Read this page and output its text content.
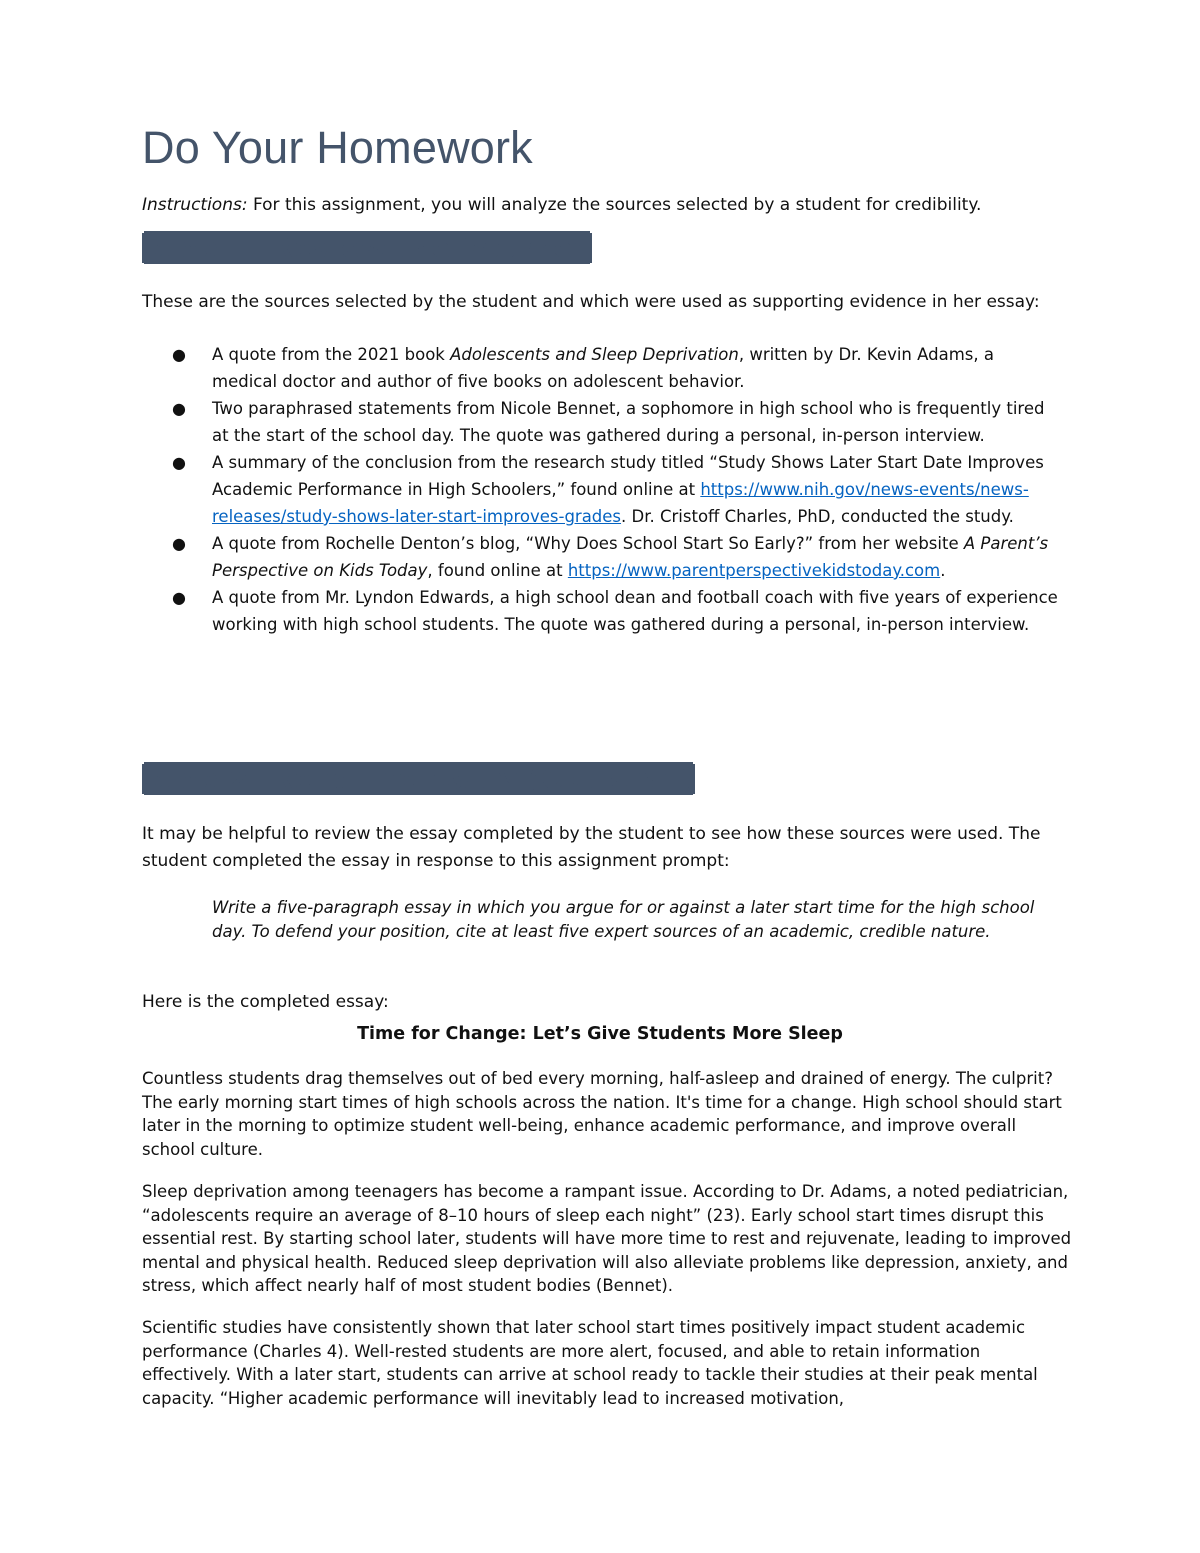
Do Your Homework

Instructions: For this assignment, you will analyze the sources selected by a student for credibility.

Step 1: Review the Sources

These are the sources selected by the student and which were used as supporting evidence in her essay:

● A quote from the 2021 book Adolescents and Sleep Deprivation, written by Dr. Kevin Adams, a medical doctor and author of five books on adolescent behavior.
● Two paraphrased statements from Nicole Bennet, a sophomore in high school who is frequently tired at the start of the school day. The quote was gathered during a personal, in-person interview.
● A summary of the conclusion from the research study titled “Study Shows Later Start Date Improves Academic Performance in High Schoolers,” found online at https://www.nih.gov/news-events/news-releases/study-shows-later-start-improves-grades. Dr. Cristoff Charles, PhD, conducted the study.
● A quote from Rochelle Denton’s blog, “Why Does School Start So Early?” from her website A Parent’s Perspective on Kids Today, found online at https://www.parentperspectivekidstoday.com.
● A quote from Mr. Lyndon Edwards, a high school dean and football coach with five years of experience working with high school students. The quote was gathered during a personal, in-person interview.
Step 2: Read the Essay (Optional)

It may be helpful to review the essay completed by the student to see how these sources were used. The student completed the essay in response to this assignment prompt:

Write a five-paragraph essay in which you argue for or against a later start time for the high school day. To defend your position, cite at least five expert sources of an academic, credible nature.

Here is the completed essay:

Time for Change: Let’s Give Students More Sleep

Countless students drag themselves out of bed every morning, half-asleep and drained of energy. The culprit? The early morning start times of high schools across the nation. It's time for a change. High school should start later in the morning to optimize student well-being, enhance academic performance, and improve overall school culture.

Sleep deprivation among teenagers has become a rampant issue. According to Dr. Adams, a noted pediatrician, “adolescents require an average of 8–10 hours of sleep each night” (23). Early school start times disrupt this essential rest. By starting school later, students will have more time to rest and rejuvenate, leading to improved mental and physical health. Reduced sleep deprivation will also alleviate problems like depression, anxiety, and stress, which affect nearly half of most student bodies (Bennet).

Scientific studies have consistently shown that later school start times positively impact student academic performance (Charles 4). Well-rested students are more alert, focused, and able to retain information effectively. With a later start, students can arrive at school ready to tackle their studies at their peak mental capacity. “Higher academic performance will inevitably lead to increased motivation,
